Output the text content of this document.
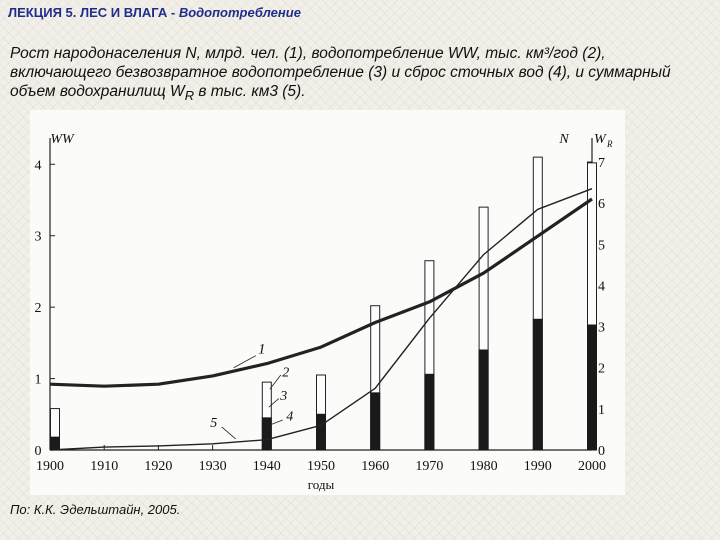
ЛЕКЦИЯ 5. ЛЕС И ВЛАГА - Водопотребление
Рост народонаселения N, млрд. чел. (1), водопотребление WW, тыс. км³/год (2),
включающего безвозвратное водопотребление (3) и сброс сточных вод (4), и суммарный
объем водохранилищ $W_R$ в тыс. км3 (5).
0
1
2
3
4
WW
0
1
2
3
4
5
6
7
N W R
1900 1910 1920 1930 1940 1950 1960 1970 1980 1990 2000
годы
1
2
3
4
5
По: К.К. Эдельштайн, 2005.
